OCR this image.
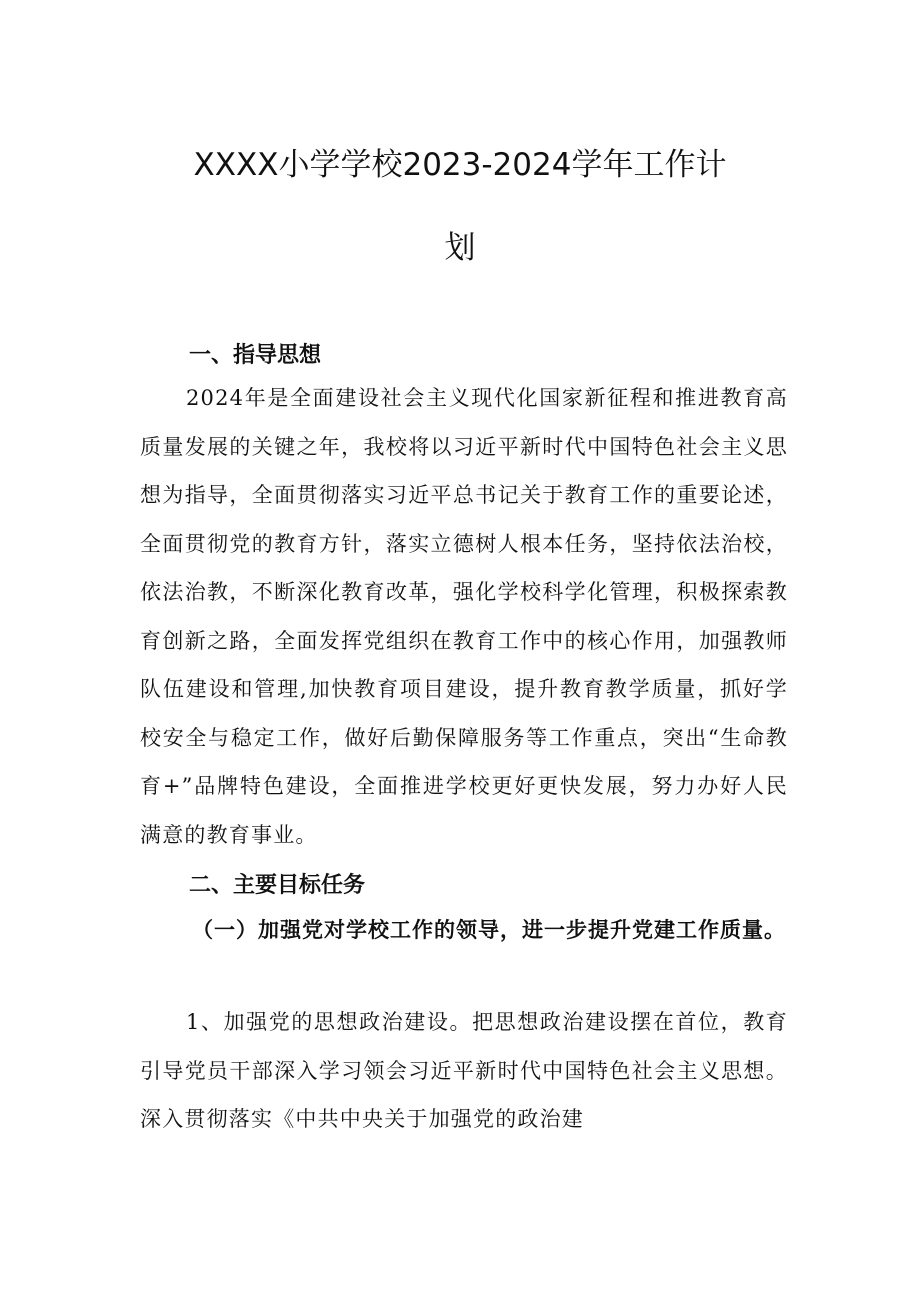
XXXX小学学校2023-2024学年工作计
划
一、指导思想

2024年是全面建设社会主义现代化国家新征程和推进教育高质量发展的关键之年，我校将以习近平新时代中国特色社会主义思想为指导，全面贯彻落实习近平总书记关于教育工作的重要论述，全面贯彻党的教育方针，落实立德树人根本任务，坚持依法治校，依法治教，不断深化教育改革，强化学校科学化管理，积极探索教育创新之路，全面发挥党组织在教育工作中的核心作用，加强教师队伍建设和管理,加快教育项目建设，提升教育教学质量，抓好学校安全与稳定工作，做好后勤保障服务等工作重点，突出“生命教育+”品牌特色建设，全面推进学校更好更快发展，努力办好人民满意的教育事业。

二、主要目标任务

（一）加强党对学校工作的领导，进一步提升党建工作质量。

1、加强党的思想政治建设。把思想政治建设摆在首位，教育引导党员干部深入学习领会习近平新时代中国特色社会主义思想。深入贯彻落实《中共中央关于加强党的政治建
